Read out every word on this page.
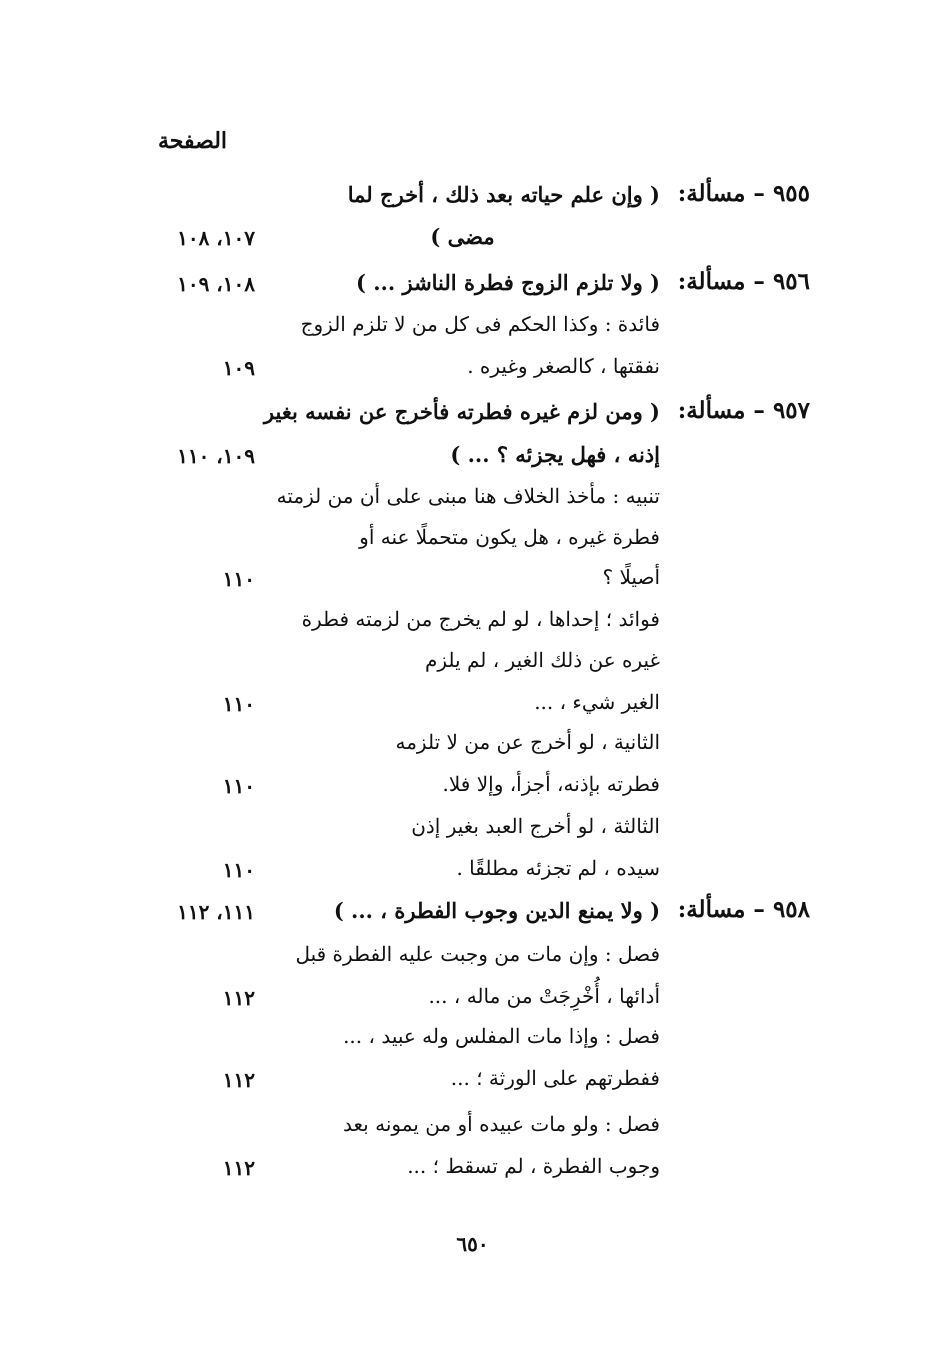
الصفحة
٩٥٥ – مسألة:
( وإن علم حياته بعد ذلك ، أخرج لما
مضى )
١٠٧، ١٠٨
٩٥٦ – مسألة:
( ولا تلزم الزوج فطرة الناشز ... )
١٠٨، ١٠٩
فائدة : وكذا الحكم فى كل من لا تلزم الزوج
نفقتها ، كالصغر وغيره .
١٠٩
٩٥٧ – مسألة:
( ومن لزم غيره فطرته فأخرج عن نفسه بغير
إذنه ، فهل يجزئه ؟ ... )
١٠٩، ١١٠
تنبيه : مأخذ الخلاف هنا مبنى على أن من لزمته
فطرة غيره ، هل يكون متحملًا عنه أو
أصيلًا ؟
١١٠
فوائد ؛ إحداها ، لو لم يخرج من لزمته فطرة
غيره عن ذلك الغير ، لم يلزم
الغير شيء ، ...
١١٠
الثانية ، لو أخرج عن من لا تلزمه
فطرته بإذنه، أجزأ، وإلا فلا.
١١٠
الثالثة ، لو أخرج العبد بغير إذن
سيده ، لم تجزئه مطلقًا .
١١٠
٩٥٨ – مسألة:
( ولا يمنع الدين وجوب الفطرة ، ... )
١١١، ١١٢
فصل : وإن مات من وجبت عليه الفطرة قبل
أدائها ، أُخْرِجَتْ من ماله ، ...
١١٢
فصل : وإذا مات المفلس وله عبيد ، ...
ففطرتهم على الورثة ؛ ...
١١٢
فصل : ولو مات عبيده أو من يمونه بعد
وجوب الفطرة ، لم تسقط ؛ ...
١١٢
٦٥٠
